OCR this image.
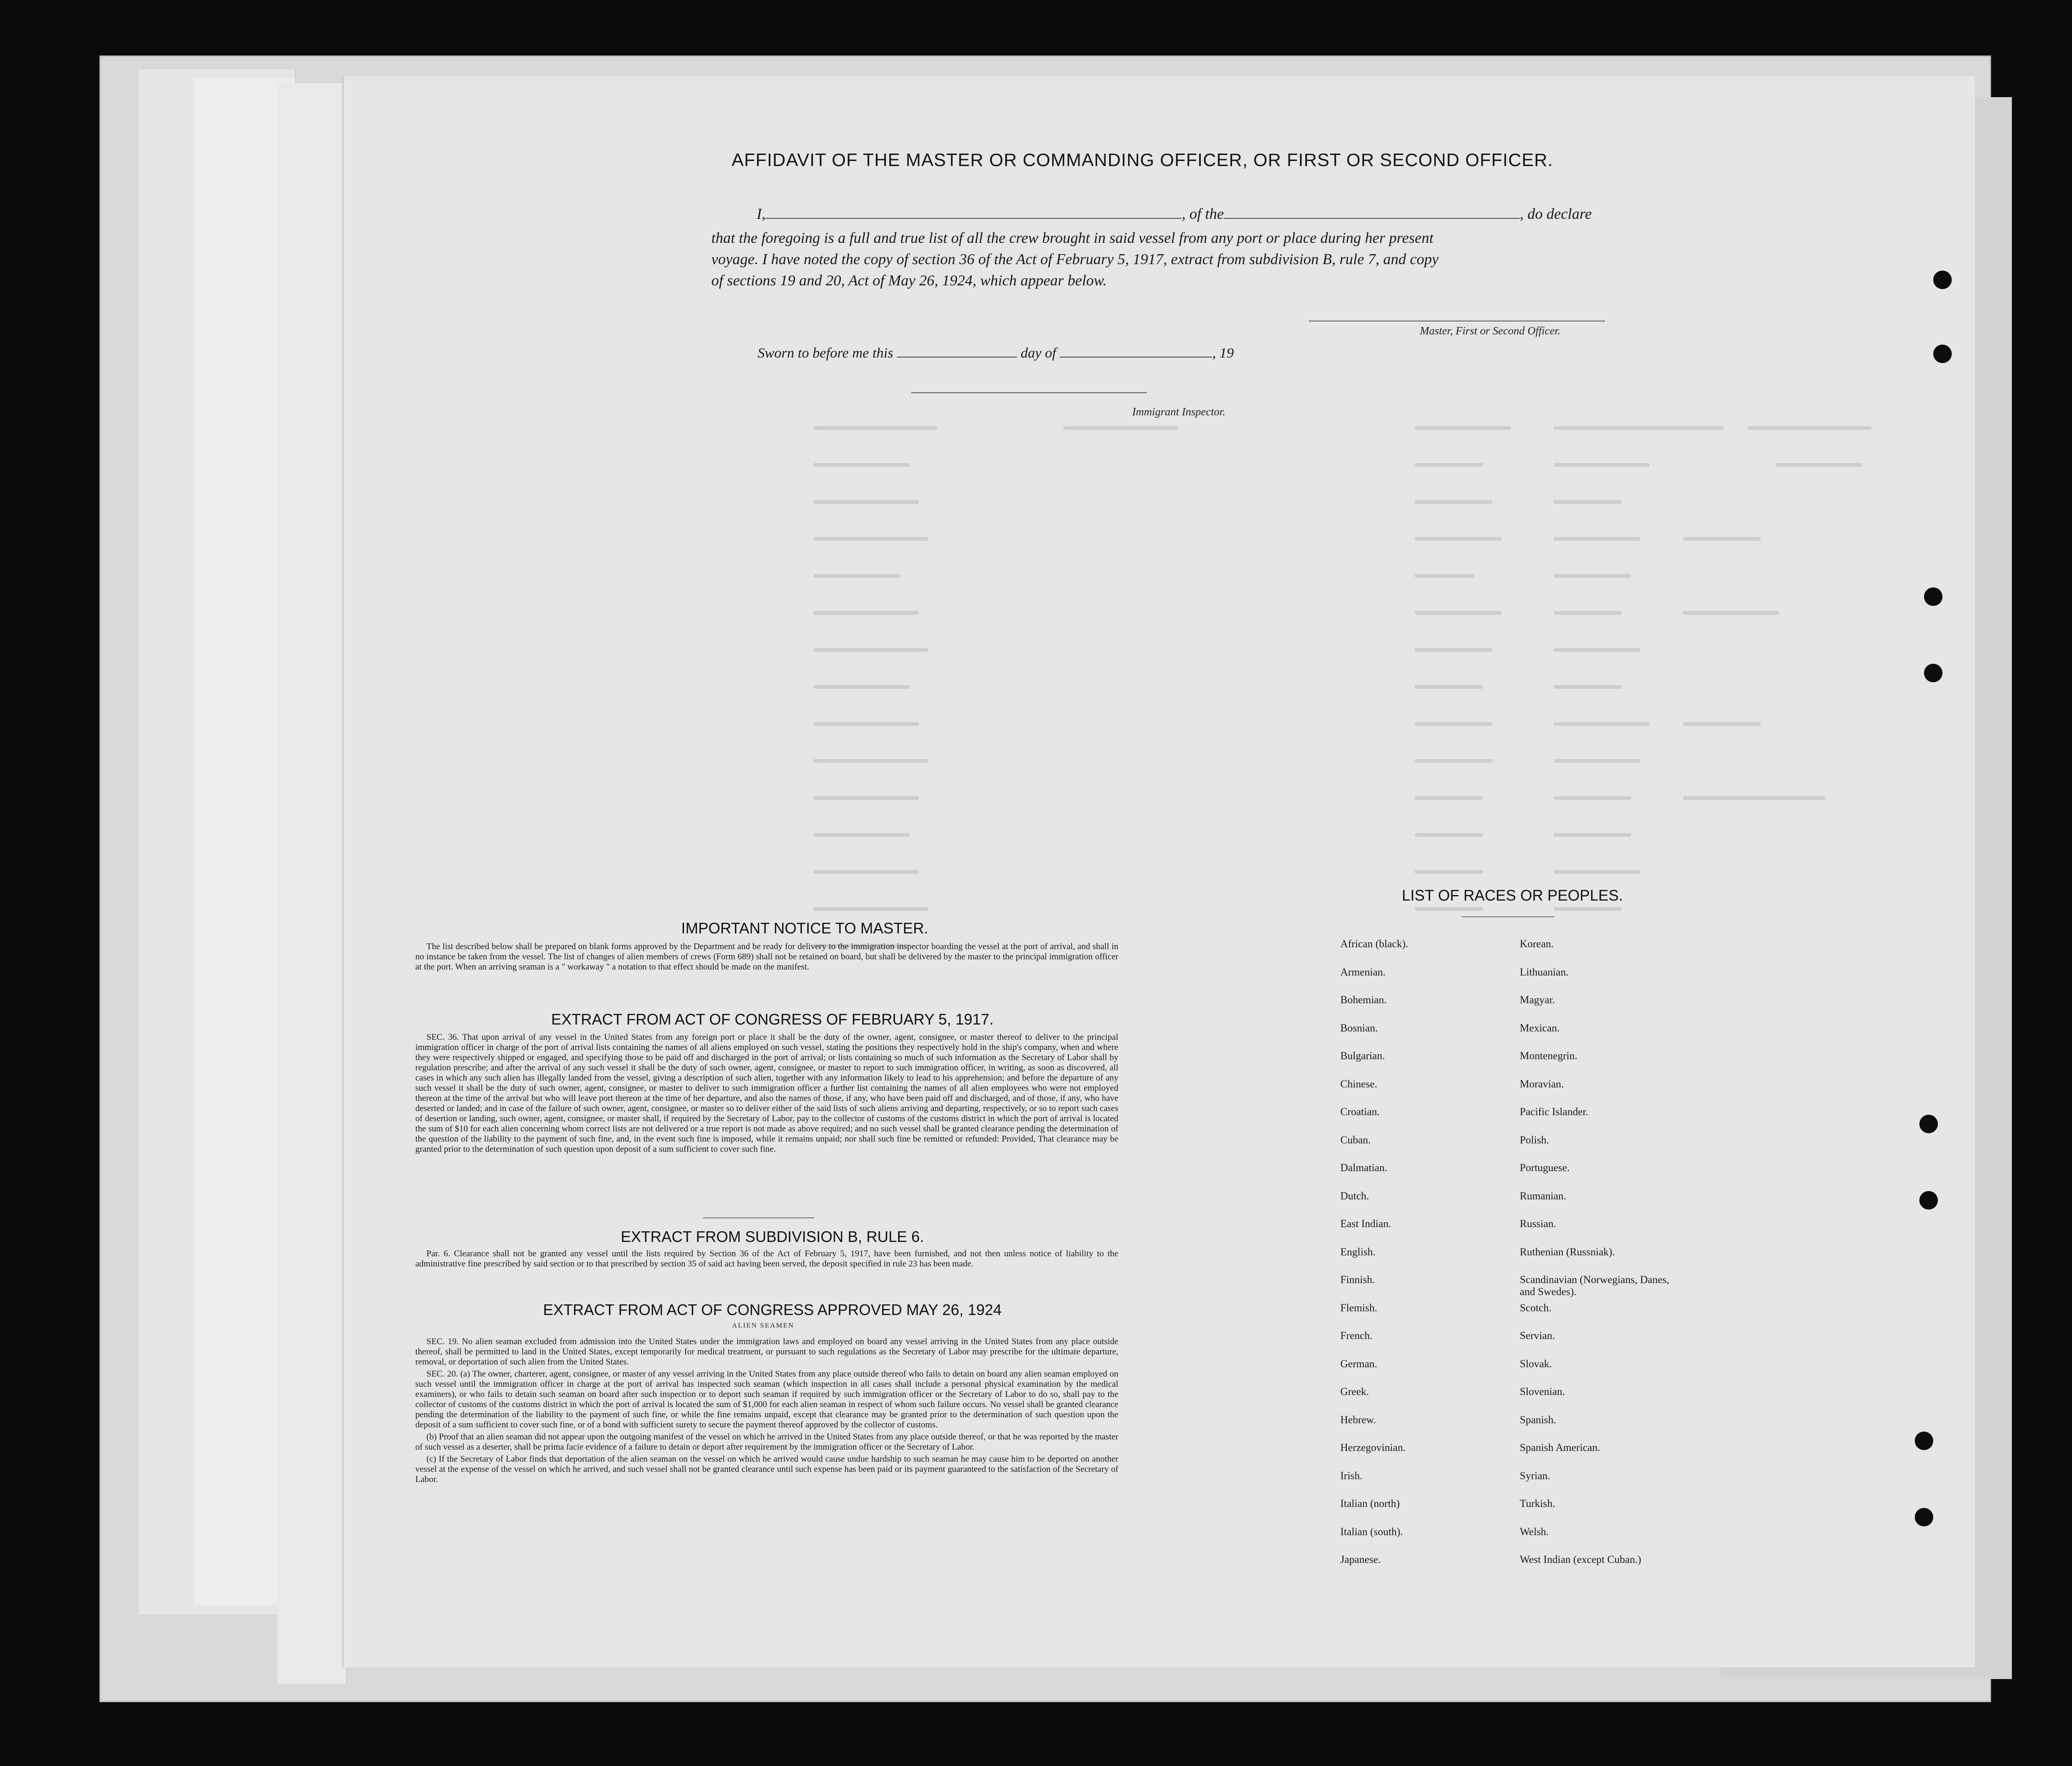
AFFIDAVIT OF THE MASTER OR COMMANDING OFFICER, OR FIRST OR SECOND OFFICER.
I,	, of the	, do declare
that the foregoing is a full and true list of all the crew brought in said vessel from any port or place during her present
voyage. I have noted the copy of section 36 of the Act of February 5, 1917, extract from subdivision B, rule 7, and copy
of sections 19 and 20, Act of May 26, 1924, which appear below.
Master, First or Second Officer.
Sworn to before me this	day of	, 19
Immigrant Inspector.
IMPORTANT NOTICE TO MASTER.

The list described below shall be prepared on blank forms approved by the Department and be ready for delivery to the immigration inspector boarding the vessel at the port of arrival, and shall in no instance be taken from the vessel. The list of changes of alien members of crews (Form 689) shall not be retained on board, but shall be delivered by the master to the principal immigration officer at the port. When an arriving seaman is a " workaway " a notation to that effect should be made on the manifest.

EXTRACT FROM ACT OF CONGRESS OF FEBRUARY 5, 1917.

SEC. 36. That upon arrival of any vessel in the United States from any foreign port or place it shall be the duty of the owner, agent, consignee, or master thereof to deliver to the principal immigration officer in charge of the port of arrival lists containing the names of all aliens employed on such vessel, stating the positions they respectively hold in the ship's company, when and where they were respectively shipped or engaged, and specifying those to be paid off and discharged in the port of arrival; or lists containing so much of such information as the Secretary of Labor shall by regulation prescribe; and after the arrival of any such vessel it shall be the duty of such owner, agent, consignee, or master to report to such immigration officer, in writing, as soon as discovered, all cases in which any such alien has illegally landed from the vessel, giving a description of such alien, together with any information likely to lead to his apprehension; and before the departure of any such vessel it shall be the duty of such owner, agent, consignee, or master to deliver to such immigration officer a further list containing the names of all alien employees who were not employed thereon at the time of the arrival but who will leave port thereon at the time of her departure, and also the names of those, if any, who have been paid off and discharged, and of those, if any, who have deserted or landed; and in case of the failure of such owner, agent, consignee, or master so to deliver either of the said lists of such aliens arriving and departing, respectively, or so to report such cases of desertion or landing, such owner, agent, consignee, or master shall, if required by the Secretary of Labor, pay to the collector of customs of the customs district in which the port of arrival is located the sum of $10 for each alien concerning whom correct lists are not delivered or a true report is not made as above required; and no such vessel shall be granted clearance pending the determination of the question of the liability to the payment of such fine, and, in the event such fine is imposed, while it remains unpaid; nor shall such fine be remitted or refunded: Provided, That clearance may be granted prior to the determination of such question upon deposit of a sum sufficient to cover such fine.

EXTRACT FROM SUBDIVISION B, RULE 6.

Par. 6. Clearance shall not be granted any vessel until the lists required by Section 36 of the Act of February 5, 1917, have been furnished, and not then unless notice of liability to the administrative fine prescribed by said section or to that prescribed by section 35 of said act having been served, the deposit specified in rule 23 has been made.

EXTRACT FROM ACT OF CONGRESS APPROVED MAY 26, 1924
ALIEN SEAMEN

SEC. 19. No alien seaman excluded from admission into the United States under the immigration laws and employed on board any vessel arriving in the United States from any place outside thereof, shall be permitted to land in the United States, except temporarily for medical treatment, or pursuant to such regulations as the Secretary of Labor may prescribe for the ultimate departure, removal, or deportation of such alien from the United States.

SEC. 20. (a) The owner, charterer, agent, consignee, or master of any vessel arriving in the United States from any place outside thereof who fails to detain on board any alien seaman employed on such vessel until the immigration officer in charge at the port of arrival has inspected such seaman (which inspection in all cases shall include a personal physical examination by the medical examiners), or who fails to detain such seaman on board after such inspection or to deport such seaman if required by such immigration officer or the Secretary of Labor to do so, shall pay to the collector of customs of the customs district in which the port of arrival is located the sum of $1,000 for each alien seaman in respect of whom such failure occurs. No vessel shall be granted clearance pending the determination of the liability to the payment of such fine, or while the fine remains unpaid, except that clearance may be granted prior to the determination of such question upon the deposit of a sum sufficient to cover such fine, or of a bond with sufficient surety to secure the payment thereof approved by the collector of customs.

(b) Proof that an alien seaman did not appear upon the outgoing manifest of the vessel on which he arrived in the United States from any place outside thereof, or that he was reported by the master of such vessel as a deserter, shall be prima facie evidence of a failure to detain or deport after requirement by the immigration officer or the Secretary of Labor.

(c) If the Secretary of Labor finds that deportation of the alien seaman on the vessel on which he arrived would cause undue hardship to such seaman he may cause him to be deported on another vessel at the expense of the vessel on which he arrived, and such vessel shall not be granted clearance until such expense has been paid or its payment guaranteed to the satisfaction of the Secretary of Labor.

LIST OF RACES OR PEOPLES.
African (black).
Armenian.
Bohemian.
Bosnian.
Bulgarian.
Chinese.
Croatian.
Cuban.
Dalmatian.
Dutch.
East Indian.
English.
Finnish.
Flemish.
French.
German.
Greek.
Hebrew.
Herzegovinian.
Irish.
Italian (north)
Italian (south).
Japanese.
Korean.
Lithuanian.
Magyar.
Mexican.
Montenegrin.
Moravian.
Pacific Islander.
Polish.
Portuguese.
Rumanian.
Russian.
Ruthenian (Russniak).
Scandinavian (Norwegians, Danes, and Swedes).
Scotch.
Servian.
Slovak.
Slovenian.
Spanish.
Spanish American.
Syrian.
Turkish.
Welsh.
West Indian (except Cuban.)
